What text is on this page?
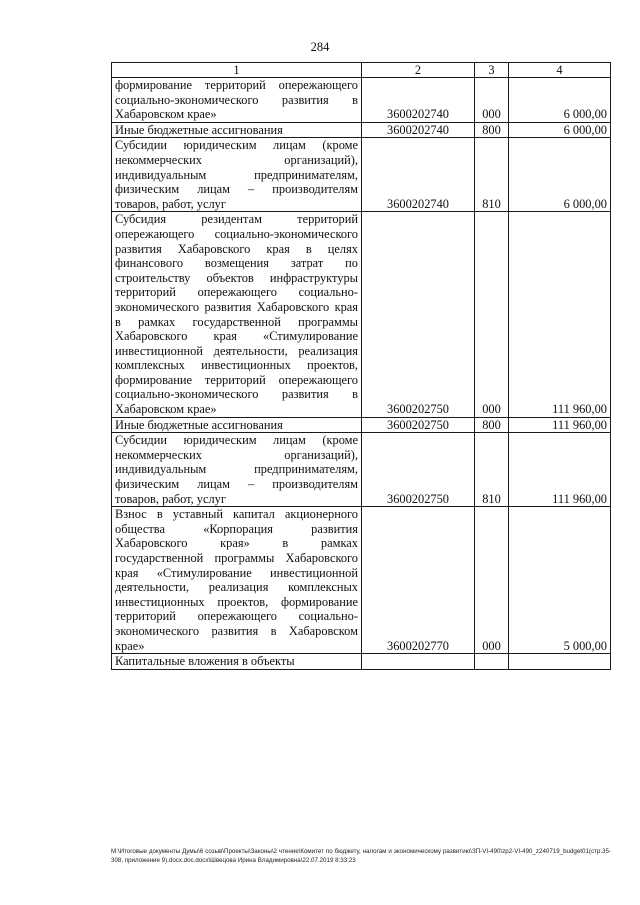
284
1	2	3	4
формирование территорий опережающего социально-экономического развития в Хабаровском крае»	3600202740	000	6 000,00
Иные бюджетные ассигнования	3600202740	800	6 000,00
Субсидии юридическим лицам (кроме некоммерческих организаций), индивидуальным предпринимателям, физическим лицам – производителям товаров, работ, услуг	3600202740	810	6 000,00
Субсидия резидентам территорий опережающего социально-экономического развития Хабаровского края в целях финансового возмещения затрат по строительству объектов инфраструктуры территорий опережающего социально-экономического развития Хабаровского края в рамках государственной программы Хабаровского края «Стимулирование инвестиционной деятельности, реализация комплексных инвестиционных проектов, формирование территорий опережающего социально-экономического развития в Хабаровском крае»	3600202750	000	111 960,00
Иные бюджетные ассигнования	3600202750	800	111 960,00
Субсидии юридическим лицам (кроме некоммерческих организаций), индивидуальным предпринимателям, физическим лицам – производителям товаров, работ, услуг	3600202750	810	111 960,00
Взнос в уставный капитал акционерного общества «Корпорация развития Хабаровского края» в рамках государственной программы Хабаровского края «Стимулирование инвестиционной деятельности, реализация комплексных инвестиционных проектов, формирование территорий опережающего социально-экономического развития в Хабаровском крае»	3600202770	000	5 000,00
Капитальные вложения в объекты			
M:\Итоговые документы Думы\6 созыв\Проекты\Законы\2 чтение\Комитет по бюджету, налогам и экономическому развитию\ЗП-VI-490\zp2-VI-490_z240719_budget01(стр.35-308, приложение 9).docx.doc.docx\Швецова Ирина Владимировна\22.07.2019 8:33:23
